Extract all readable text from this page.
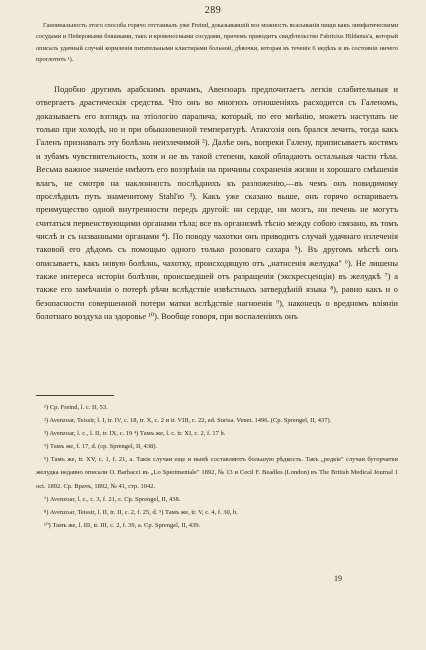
289

Ганоинальность этого способа горячо отстаивалъ уже Freind, доказывавшій воз можность всасыванія пищи какъ лимфатическими сосудами и Пейеровыми бляшками, такъ и кровеносными сосудами, причемъ приводитъ свидѣтельство Fabricius Hildanus'а, который описалъ удачный случай кормленія питательными клистирами больной, дѣвочки, которая въ теченіе 6 недѣль и въ состояніи ничего проглотить ¹).

Подобно другимъ арабскимъ врачамъ, Авензоаръ предпочитаетъ легкія слабительныя и отвергаетъ драстическія средства. Что онъ во многихъ отношеніяхъ расходится съ Галеномъ, доказываетъ его взглядъ на этіологію паралича, который, по его мнѣнію, можетъ наступать не только при холодѣ, но и при обыкновенной температурѣ. Атакгозія онъ брался лечить, тогда какъ Галенъ признавалъ эту болѣзнь неизлечимой ²). Далѣе онъ, вопреки Галену, приписываетъ костямъ и зубамъ чувствительность, хотя и не въ такой степени, какой обладаютъ остальныя части тѣла. Весьма важное значеніе имѣютъ его воззрѣнія на причины сохраненія жизни и хорошаго смѣшенія влагъ, не смотря на наклонность послѣднихъ къ разложенію,—въ чемъ онъ повидимому прослѣдилъ путь знаменитому Stahl'ю ³). Какъ уже сказано выше, онъ горячо оспариваетъ преимущество одной внутренности передъ другой: ни сердце, ни мозгъ, ни печень не могутъ считаться первенствующими органами тѣла; все въ организмѣ тѣсно между собою связано, въ томъ числѣ и съ названными органами ⁴). По поводу чахотки онъ приводитъ случай удачнаго излеченія таковой его дѣдомъ съ помощью одного только розоваго сахара ⁵). Въ другомъ мѣстѣ онъ описываетъ, какъ новую болѣзнь, чахотку, происходящую отъ „натнсенія желудка" ⁶). Не лишены также интереса исторіи болѣзни, происшедшей отъ разращенія (экскресценціи) въ желудкѣ ⁷) а также его замѣчанія о потерѣ рѣчи вслѣдствіе извѣстныхъ затвердѣній языка ⁸), равно какъ и о безопасности совершенной потери матки вслѣдствіе нагноенія ⁹), наконецъ о вредномъ вліяніи болотнаго воздуха на здоровье ¹⁰). Вообще говоря, при воспаленіяхъ онъ

¹) Cp. Freind, l. c. II, 53.

²) Avenzoar, Teissir, l. I, tr. IV, c. 18, tr. X, c. 2 и tr. VIII, c. 22, ed. Surisa. Venet. 1496. (Cp. Sprengel, II, 437).

³) Avenzoar, l. c., l. II, tr. IX, c. 19 ⁴) Тамъ же, l. c. tr. XI, c. 2, f. 17 b.

⁵) Тамъ же, f. 17, d. (ср. Sprengel, II, 438).

⁶) Тамъ же, tr. XV, c. 1, f. 21, a. Такіе случаи еще и нынѣ составляютъ большую рѣдкость. Такъ „редкіе" случаи бугорчатки желудка недавно описали O. Barbacci въ „Lo Sperimentale" 1892, № 13 и Cecil F. Beadles (London) въ The British Medical Journal 1 oct. 1892. Ср. Врачъ, 1892, № 41, стр. 1042.

⁷) Avenzoar, l. c., c. 3, f. 21, c. Cp. Sprengel, II, 438.

⁸) Avenzoar, Teissir, l. II, tr. II, c. 2, f. 25, d. ⁹) Тамъ же, tr. V, c. 4, f. 30, b.

¹⁰) Тамъ же, l. III, tr. III, c. 2, f. 39, a. Cp. Sprengel, II, 439.

19
